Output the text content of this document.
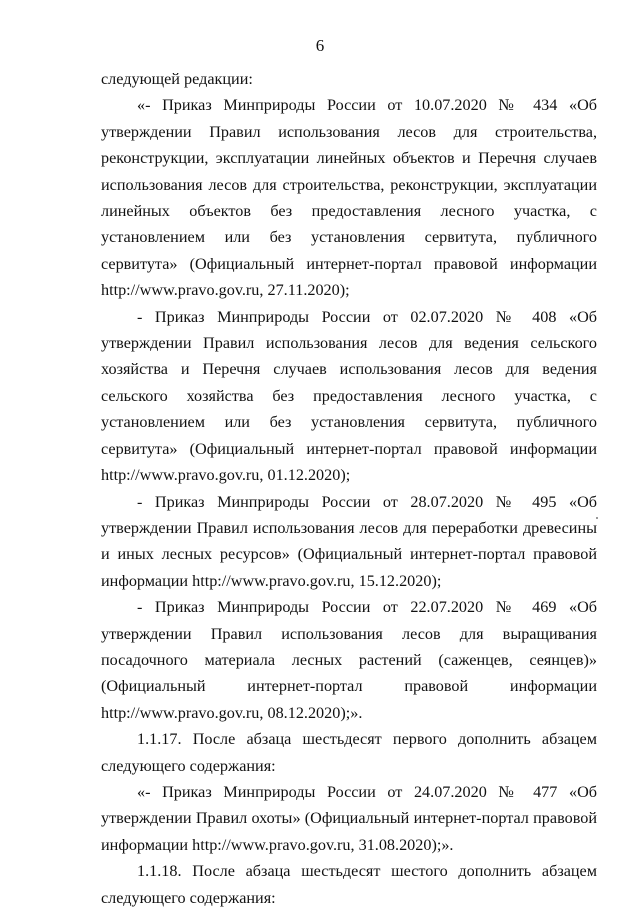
6

следующей редакции:

«- Приказ Минприроды России от 10.07.2020 № 434 «Об утверждении Правил использования лесов для строительства, реконструкции, эксплуатации линейных объектов и Перечня случаев использования лесов для строительства, реконструкции, эксплуатации линейных объектов без предоставления лесного участка, с установлением или без установления сервитута, публичного сервитута» (Официальный интернет-портал правовой информации http://www.pravo.gov.ru, 27.11.2020);

- Приказ Минприроды России от 02.07.2020 № 408 «Об утверждении Правил использования лесов для ведения сельского хозяйства и Перечня случаев использования лесов для ведения сельского хозяйства без предоставления лесного участка, с установлением или без установления сервитута, публичного сервитута» (Официальный интернет-портал правовой информации http://www.pravo.gov.ru, 01.12.2020);

- Приказ Минприроды России от 28.07.2020 № 495 «Об утверждении Правил использования лесов для переработки древесины и иных лесных ресурсов» (Официальный интернет-портал правовой информации http://www.pravo.gov.ru, 15.12.2020);

- Приказ Минприроды России от 22.07.2020 № 469 «Об утверждении Правил использования лесов для выращивания посадочного материала лесных растений (саженцев, сеянцев)» (Официальный интернет-портал правовой информации http://www.pravo.gov.ru, 08.12.2020);».

1.1.17. После абзаца шестьдесят первого дополнить абзацем следующего содержания:

«- Приказ Минприроды России от 24.07.2020 № 477 «Об утверждении Правил охоты» (Официальный интернет-портал правовой информации http://www.pravo.gov.ru, 31.08.2020);».

1.1.18. После абзаца шестьдесят шестого дополнить абзацем следующего содержания:
